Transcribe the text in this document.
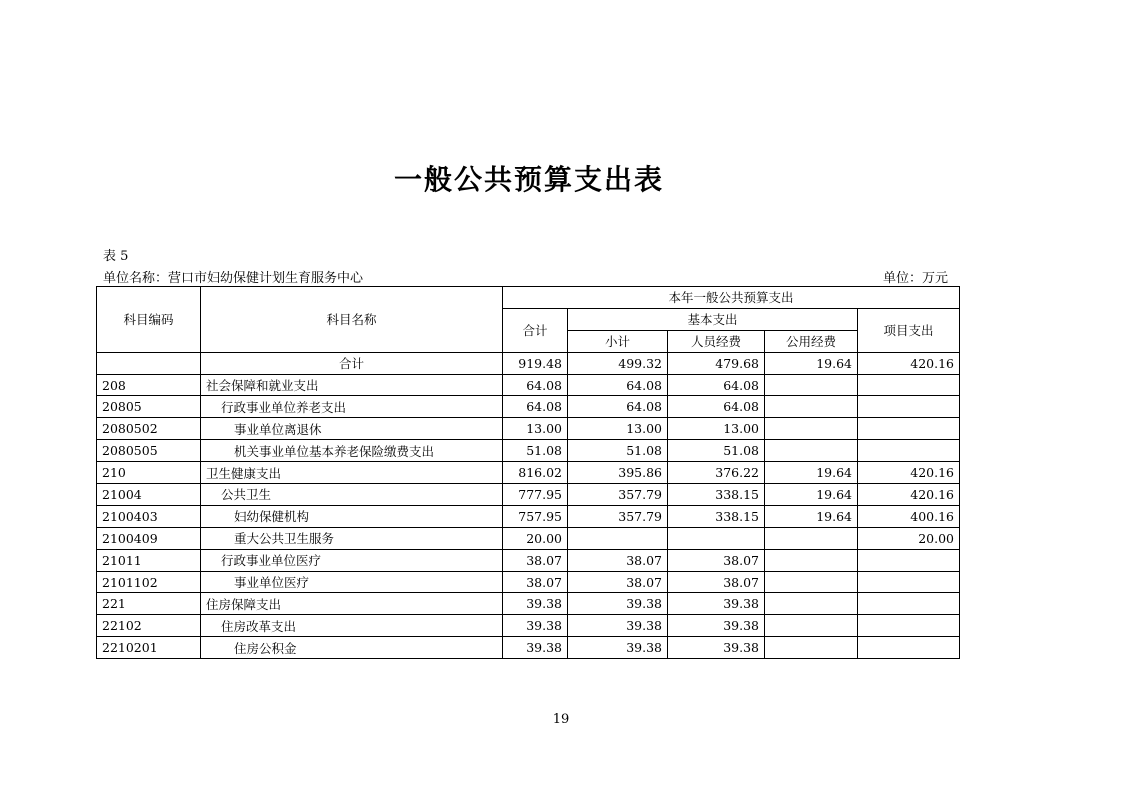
一般公共预算支出表
表 5
单位名称：营口市妇幼保健计划生育服务中心	单位：万元
科目编码	科目名称	本年一般公共预算支出				
		合计	基本支出			项目支出
			小计	人员经费	公用经费	
	合计	919.48	499.32	479.68	19.64	420.16
208	社会保障和就业支出	64.08	64.08	64.08		
20805	行政事业单位养老支出	64.08	64.08	64.08		
2080502	事业单位离退休	13.00	13.00	13.00		
2080505	机关事业单位基本养老保险缴费支出	51.08	51.08	51.08		
210	卫生健康支出	816.02	395.86	376.22	19.64	420.16
21004	公共卫生	777.95	357.79	338.15	19.64	420.16
2100403	妇幼保健机构	757.95	357.79	338.15	19.64	400.16
2100409	重大公共卫生服务	20.00				20.00
21011	行政事业单位医疗	38.07	38.07	38.07		
2101102	事业单位医疗	38.07	38.07	38.07		
221	住房保障支出	39.38	39.38	39.38		
22102	住房改革支出	39.38	39.38	39.38		
2210201	住房公积金	39.38	39.38	39.38		
19
